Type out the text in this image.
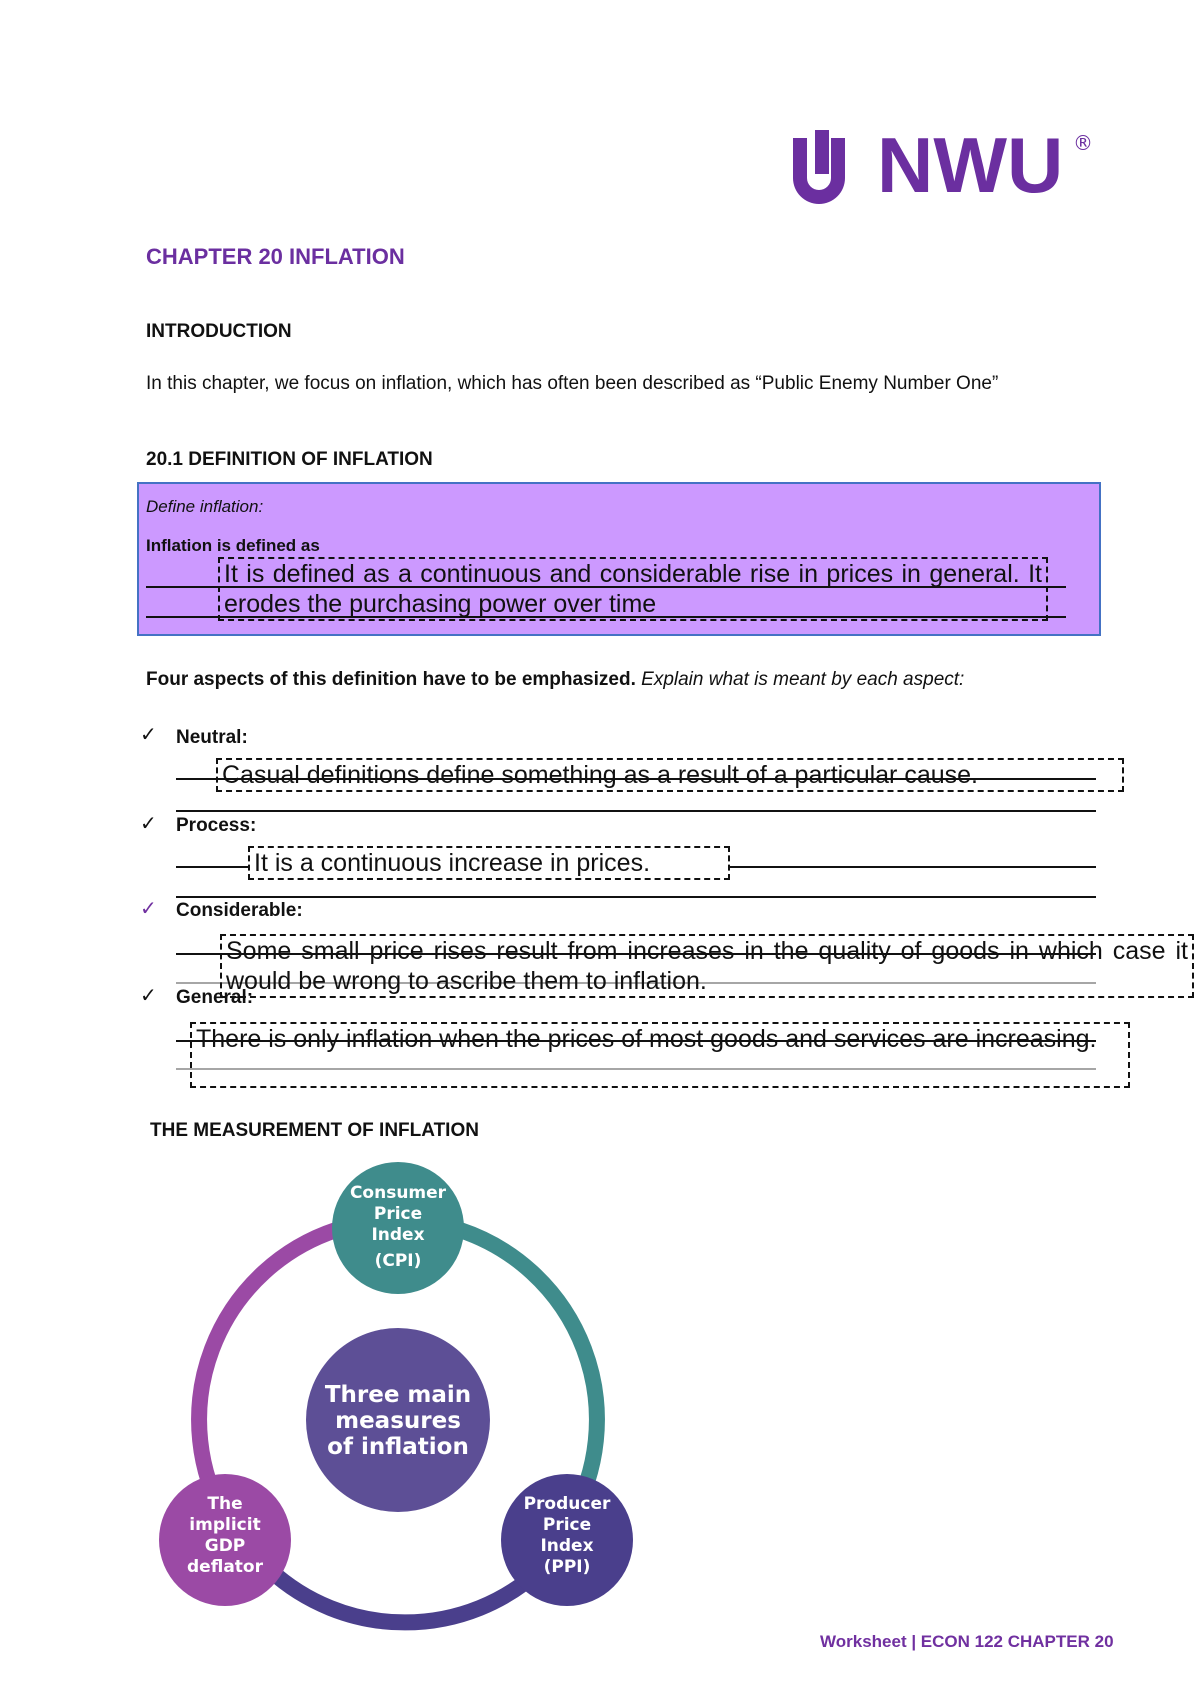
NWU ®
CHAPTER 20 INFLATION
INTRODUCTION
In this chapter, we focus on inflation, which has often been described as “Public Enemy Number One”
20.1 DEFINITION OF INFLATION
Define inflation:
Inflation is defined as
It is defined as a continuous and considerable rise in prices in general. It erodes the purchasing power over time
Four aspects of this definition have to be emphasized. Explain what is meant by each aspect:
✓ Neutral:
Casual definitions define something as a result of a particular cause.
✓ Process:
It is a continuous increase in prices.
✓ Considerable:
Some small price rises result from increases in the quality of goods in which case it would be wrong to ascribe them to inflation.
✓ General:
There is only inflation when the prices of most goods and services are increasing.
THE MEASUREMENT OF INFLATION
Three main
measures
of inflation
Consumer
Price
Index
(CPI)
Producer
Price
Index
(PPI)
The
implicit
GDP
deflator
Worksheet | ECON 122 CHAPTER 20
